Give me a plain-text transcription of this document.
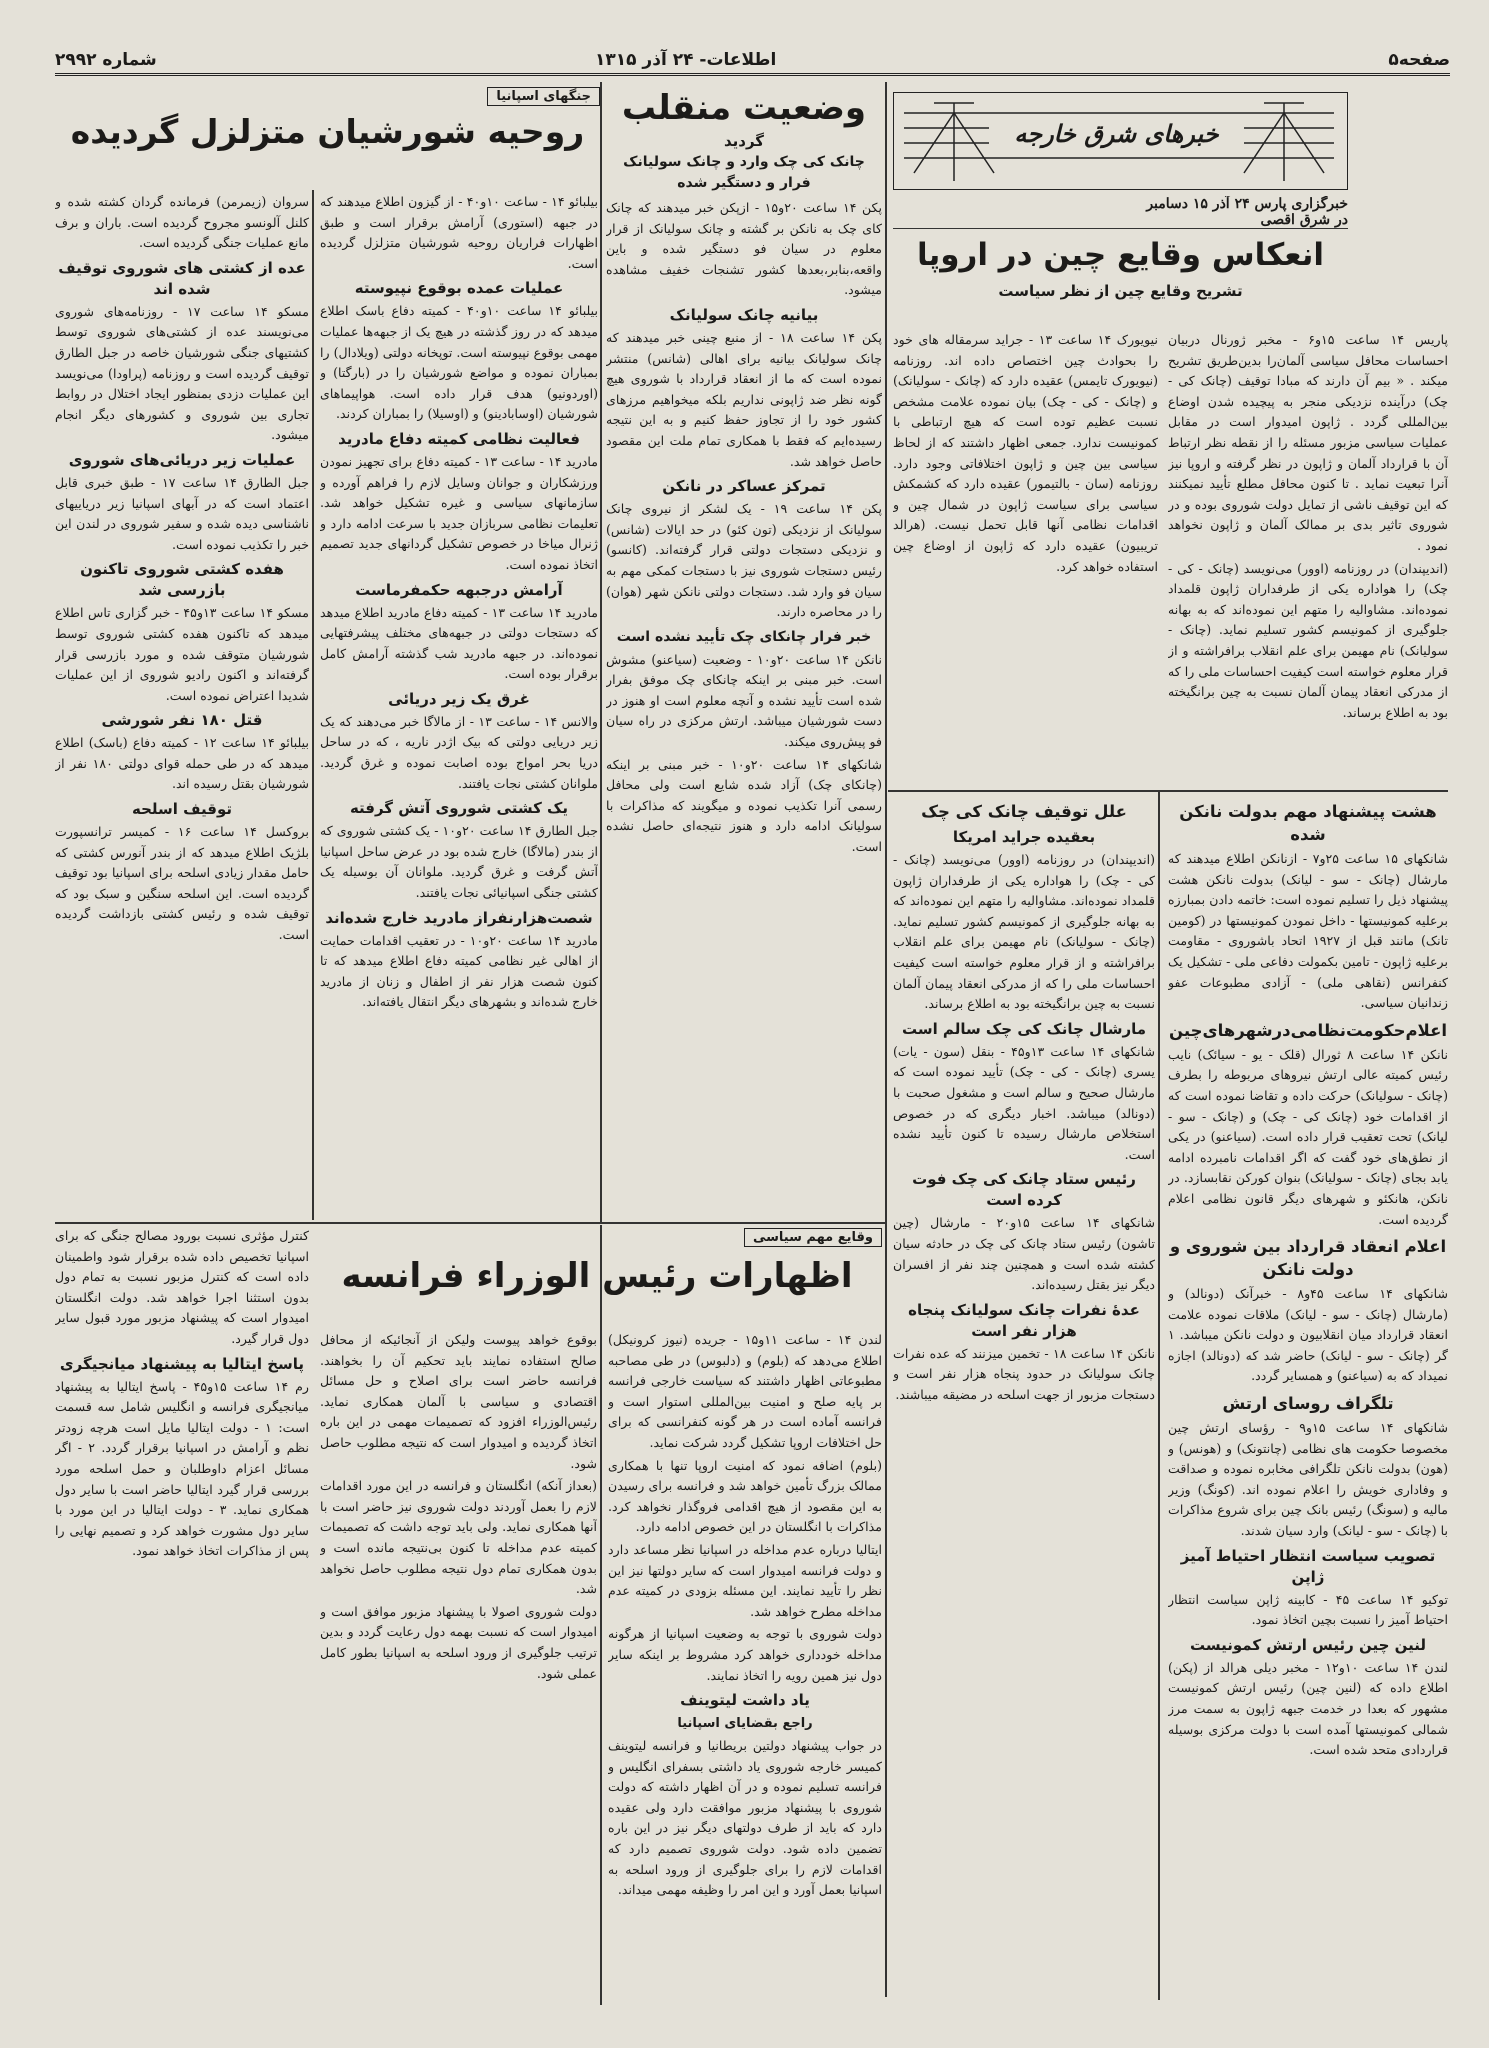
صفحه۵
اطلاعات- ۲۴ آذر ۱۳۱۵
شماره ۲۹۹۲
خبرهای شرق خارجه
خبرگزاری پارس ۲۴ آذر ۱۵ دسامبر
در شرق اقصی
انعکاس وقایع چین در اروپا
تشریح وقایع چین از نظر سیاست

پاریس ۱۴ ساعت ۱۵و۶ - مخبر ژورنال دربیان احساسات محافل سیاسی آلمان‌را بدین‌طریق تشریح میکند . « بیم آن دارند که مبادا توقیف (چانک کی - چک) درآینده نزدیکی منجر به پیچیده شدن اوضاع بین‌المللی گردد . ژاپون امیدوار است در مقابل عملیات سیاسی مزبور مسئله را از نقطه نظر ارتباط آن با قرارداد آلمان و ژاپون در نظر گرفته و اروپا نیز آنرا تبعیت نماید . تا کنون محافل مطلع تأیید نمیکنند که این توقیف ناشی از تمایل دولت شوروی بوده و در شوروی تاثیر بدی بر ممالک آلمان و ژاپون نخواهد نمود .

(اندیپندان) در روزنامه (اوور) می‌نویسد (چانک - کی - چک) را هواداره یکی از طرفداران ژاپون قلمداد نموده‌اند. مشاوالیه را متهم این نموده‌اند که به بهانه جلوگیری از کمونیسم کشور تسلیم نماید. (چانک - سولیانک) نام مهیمن برای علم انقلاب برافراشته و از قرار معلوم خواسته است کیفیت احساسات ملی را که از مدرکی انعقاد پیمان آلمان نسبت به چین برانگیخته بود به اطلاع برساند.

نیویورک ۱۴ ساعت ۱۳ - جراید سرمقاله های خود را بحوادث چین اختصاص داده اند. روزنامه (نیویورک تایمس) عقیده دارد که (چانک - سولیانک) و (چانک - کی - چک) بیان نموده علامت مشخص نسبت عظیم توده است که هیچ ارتباطی با کمونیست ندارد. جمعی اظهار داشتند که از لحاظ سیاسی بین چین و ژاپون اختلافاتی وجود دارد. روزنامه (سان - بالتیمور) عقیده دارد که کشمکش سیاسی برای سیاست ژاپون در شمال چین و اقدامات نظامی آنها قابل تحمل نیست. (هرالد تریبیون) عقیده دارد که ژاپون از اوضاع چین استفاده خواهد کرد.

هشت پیشنهاد مهم بدولت نانکن شده

شانکهای ۱۵ ساعت ۲۵و۷ - ازنانکن اطلاع میدهند که مارشال (چانک - سو - لیانک) بدولت نانکن هشت پیشنهاد ذیل را تسلیم نموده است: خاتمه دادن بمبارزه برعلیه کمونیستها - داخل نمودن کمونیستها در (کومین تانک) مانند قبل از ۱۹۲۷ اتحاد باشوروی - مقاومت برعلیه ژاپون - تامین بکمولت دفاعی ملی - تشکیل یک کنفرانس (نقاهی ملی) - آزادی مطبوعات عفو زندانیان سیاسی.

اعلام‌حکومت‌نظامی‌درشهرهای‌چین

نانکن ۱۴ ساعت ۸ ثورال (قلک - یو - سیائک) نایب رئیس کمیته عالی ارتش نیروهای مربوطه را بطرف (چانک - سولیانک) حرکت داده و تقاضا نموده است که از اقدامات خود (چانک کی - چک) و (چانک - سو - لیانک) تحت تعقیب قرار داده است. (سیاعنو) در یکی از نطق‌های خود گفت که اگر اقدامات نامبرده ادامه یابد بجای (چانک - سولیانک) بنوان کورکن نقابسازد. در نانکن، هانکئو و شهرهای دیگر قانون نظامی اعلام گردیده است.

اعلام انعقاد قرارداد بین شوروی و دولت نانکن

شانکهای ۱۴ ساعت ۴۵و۸ - خبرآنک (دونالد) و (مارشال (چانک - سو - لیانک) ملاقات نموده علامت انعقاد قرارداد میان انقلابیون و دولت نانکن میباشد. ۱ گر (چانک - سو - لیانک) حاضر شد که (دونالد) اجازه نمیداد که به (سیاعنو) و همسایر گردد.

تلگراف روسای ارتش

شانکهای ۱۴ ساعت ۱۵و۹ - رؤسای ارتش چین مخصوصا حکومت های نظامی (چانتونک) و (هونس) و (هون) بدولت نانکن تلگرافی مخابره نموده و صداقت و وفاداری خویش را اعلام نموده اند. (کونگ) وزیر مالیه و (سونگ) رئیس بانک چین برای شروع مذاکرات با (چانک - سو - لیانک) وارد سیان شدند.

تصویب سیاست انتظار احتیاط آمیز ژاپن

توکیو ۱۴ ساعت ۴۵ - کابینه ژاپن سیاست انتظار احتیاط آمیز را نسبت بچین اتخاذ نمود.

لنین چین رئیس ارتش کمونیست

لندن ۱۴ ساعت ۱۰و۱۲ - مخبر دیلی هرالد از (پکن) اطلاع داده که (لنین چین) رئیس ارتش کمونیست مشهور که بعدا در خدمت جبهه ژاپون به سمت مرز شمالی کمونیستها آمده است با دولت مرکزی بوسیله قراردادی متحد شده است.

علل توقیف چانک کی چک
بعقیده جراید امریکا

(اندیپندان) در روزنامه (اوور) می‌نویسد (چانک - کی - چک) را هواداره یکی از طرفداران ژاپون قلمداد نموده‌اند. مشاوالیه را متهم این نموده‌اند که به بهانه جلوگیری از کمونیسم کشور تسلیم نماید. (چانک - سولیانک) نام مهیمن برای علم انقلاب برافراشته و از قرار معلوم خواسته است کیفیت احساسات ملی را که از مدرکی انعقاد پیمان آلمان نسبت به چین برانگیخته بود به اطلاع برساند.

مارشال چانک کی چک سالم است

شانکهای ۱۴ ساعت ۱۳و۴۵ - بنقل (سون - یات) یسری (چانک - کی - چک) تأیید نموده است که مارشال صحیح و سالم است و مشغول صحبت با (دونالد) میباشد. اخبار دیگری که در خصوص استخلاص مارشال رسیده تا کنون تأیید نشده است.

رئیس ستاد چانک کی چک فوت کرده است

شانکهای ۱۴ ساعت ۱۵و۲۰ - مارشال (چین تاشون) رئیس ستاد چانک کی چک در حادثه سیان کشته شده است و همچنین چند نفر از افسران دیگر نیز بقتل رسیده‌اند.

عدۀ نفرات چانک سولیانک پنجاه هزار نفر است

نانکن ۱۴ ساعت ۱۸ - تخمین میزنند که عده نفرات چانک سولیانک در حدود پنجاه هزار نفر است و دستجات مزبور از جهت اسلحه در مضیقه میباشند.

وضعیت منقلب
گردید
چانک کی چک وارد و چانک سولیانک فرار و دستگیر شده

پکن ۱۴ ساعت ۲۰و۱۵ - ازپکن خبر میدهند که چانک کای چک به نانکن بر گشته و چانک سولیانک از قرار معلوم در سیان فو دستگیر شده و باین واقعه،بنابر،بعدها کشور تشنجات خفیف مشاهده میشود.

بیانیه چانک سولیانک

پکن ۱۴ ساعت ۱۸ - از منبع چینی خبر میدهند که چانک سولیانک بیانیه برای اهالی (شانس) منتشر نموده است که ما از انعقاد قرارداد با شوروی هیچ گونه نظر ضد ژاپونی نداریم بلکه میخواهیم مرزهای کشور خود را از تجاوز حفظ کنیم و به این نتیجه رسیده‌ایم که فقط با همکاری تمام ملت این مقصود حاصل خواهد شد.

تمرکز عساکر در نانکن

پکن ۱۴ ساعت ۱۹ - یک لشکر از نیروی چانک سولیانک از نزدیکی (تون کئو) در حد ایالات (شانس) و نزدیکی دستجات دولتی قرار گرفته‌اند. (کانسو) رئیس دستجات شوروی نیز با دستجات کمکی مهم به سیان فو وارد شد. دستجات دولتی نانکن شهر (هوان) را در محاصره دارند.

خبر فرار چانکای چک تأیید نشده است

نانکن ۱۴ ساعت ۲۰و۱۰ - وضعیت (سیاعنو) مشوش است. خبر مبنی بر اینکه چانکای چک موفق بفرار شده است تأیید نشده و آنچه معلوم است او هنوز در دست شورشیان میباشد. ارتش مرکزی در راه سیان فو پیش‌روی میکند.

شانکهای ۱۴ ساعت ۲۰و۱۰ - خبر مبنی بر اینکه (چانکای چک) آزاد شده شایع است ولی محافل رسمی آنرا تکذیب نموده و میگویند که مذاکرات با سولیانک ادامه دارد و هنوز نتیجه‌ای حاصل نشده است.

جنگهای اسپانیا
روحیه شورشیان متزلزل گردیده

بیلبائو ۱۴ - ساعت ۱۰و۴۰ - از گیزون اطلاع میدهند که در جبهه (استوری) آرامش برقرار است و طبق اظهارات فراریان روحیه شورشیان متزلزل گردیده است.

عملیات عمده بوقوع نپیوسته

بیلبائو ۱۴ ساعت ۱۰و۴۰ - کمیته دفاع باسک اطلاع میدهد که در روز گذشته در هیچ یک از جبهه‌ها عملیات مهمی بوقوع نپیوسته است. توپخانه دولتی (ویلادال) را بمباران نموده و مواضع شورشیان را در (بارگتا) و (اوردونیو) هدف قرار داده است. هواپیماهای شورشیان (اوسابادینو) و (اوسیلا) را بمباران کردند.

فعالیت نظامی کمیته دفاع مادرید

مادرید ۱۴ - ساعت ۱۳ - کمیته دفاع برای تجهیز نمودن ورزشکاران و جوانان وسایل لازم را فراهم آورده و سازمانهای سیاسی و غیره تشکیل خواهد شد. تعلیمات نظامی سربازان جدید با سرعت ادامه دارد و ژنرال میاخا در خصوص تشکیل گردانهای جدید تصمیم اتخاذ نموده است.

آرامش درجبهه حکمفرماست

مادرید ۱۴ ساعت ۱۳ - کمیته دفاع مادرید اطلاع میدهد که دستجات دولتی در جبهه‌های مختلف پیشرفتهایی نموده‌اند. در جبهه مادرید شب گذشته آرامش کامل برقرار بوده است.

غرق یک زیر دریائی

والانس ۱۴ - ساعت ۱۳ - از مالاگا خبر می‌دهند که یک زیر دریایی دولتی که بیک اژدر ناریه ، که در ساحل دریا بحر امواج بوده اصابت نموده و غرق گردید. ملوانان کشتی نجات یافتند.

یک کشتی شوروی آتش گرفته

جبل الطارق ۱۴ ساعت ۲۰و۱۰ - یک کشتی شوروی که از بندر (مالاگا) خارج شده بود در عرض ساحل اسپانیا آتش گرفت و غرق گردید. ملوانان آن بوسیله یک کشتی جنگی اسپانیائی نجات یافتند.

شصت‌هزار‌نفراز مادرید خارج شده‌اند

مادرید ۱۴ ساعت ۲۰و۱۰ - در تعقیب اقدامات حمایت از اهالی غیر نظامی کمیته دفاع اطلاع میدهد که تا کنون شصت هزار نفر از اطفال و زنان از مادرید خارج شده‌اند و بشهرهای دیگر انتقال یافته‌اند.

سروان (زیمرمن) فرمانده گردان کشته شده و کلنل آلونسو مجروح گردیده است. باران و برف مانع عملیات جنگی گردیده است.

عده از کشتی های شوروی توقیف شده اند

مسکو ۱۴ ساعت ۱۷ - روزنامه‌های شوروی می‌نویسند عده از کشتی‌های شوروی توسط کشتیهای جنگی شورشیان خاصه در جبل الطارق توقیف گردیده است و روزنامه (پراودا) می‌نویسد این عملیات دزدی بمنظور ایجاد اختلال در روابط تجاری بین شوروی و کشورهای دیگر انجام میشود.

عملیات زیر دریائی‌های شوروی

جبل الطارق ۱۴ ساعت ۱۷ - طبق خبری قابل اعتماد است که در آبهای اسپانیا زیر دریاییهای ناشناسی دیده شده و سفیر شوروی در لندن این خبر را تکذیب نموده است.

هفده کشتی شوروی تاکنون بازرسی شد

مسکو ۱۴ ساعت ۱۳و۴۵ - خبر گزاری تاس اطلاع میدهد که تاکنون هفده کشتی شوروی توسط شورشیان متوقف شده و مورد بازرسی قرار گرفته‌اند و اکنون رادیو شوروی از این عملیات شدیدا اعتراض نموده است.

قتل ۱۸۰ نفر شورشی

بیلبائو ۱۴ ساعت ۱۲ - کمیته دفاع (باسک) اطلاع میدهد که در طی حمله قوای دولتی ۱۸۰ نفر از شورشیان بقتل رسیده اند.

توقیف اسلحه

بروکسل ۱۴ ساعت ۱۶ - کمیسر ترانسپورت بلژیک اطلاع میدهد که از بندر آنورس کشتی که حامل مقدار زیادی اسلحه برای اسپانیا بود توقیف گردیده است. این اسلحه سنگین و سبک بود که توقیف شده و رئیس کشتی بازداشت گردیده است.

وقایع مهم سیاسی
اظهارات رئیس الوزراء فرانسه

لندن ۱۴ - ساعت ۱۱و۱۵ - جریده (نیوز کرونیکل) اطلاع می‌دهد که (بلوم) و (دلبوس) در طی مصاحبه مطبوعاتی اظهار داشتند که سیاست خارجی فرانسه بر پایه صلح و امنیت بین‌المللی استوار است و فرانسه آماده است در هر گونه کنفرانسی که برای حل اختلافات اروپا تشکیل گردد شرکت نماید.

(بلوم) اضافه نمود که امنیت اروپا تنها با همکاری ممالک بزرگ تأمین خواهد شد و فرانسه برای رسیدن به این مقصود از هیچ اقدامی فروگذار نخواهد کرد. مذاکرات با انگلستان در این خصوص ادامه دارد.

ایتالیا درباره عدم مداخله در اسپانیا نظر مساعد دارد و دولت فرانسه امیدوار است که سایر دولتها نیز این نظر را تأیید نمایند. این مسئله بزودی در کمیته عدم مداخله مطرح خواهد شد.

دولت شوروی با توجه به وضعیت اسپانیا از هرگونه مداخله خودداری خواهد کرد مشروط بر اینکه سایر دول نیز همین رویه را اتخاذ نمایند.

یاد داشت لیتوینف
راجع بقضایای اسپانیا

در جواب پیشنهاد دولتین بریطانیا و فرانسه لیتوینف کمیسر خارجه شوروی یاد داشتی بسفرای انگلیس و فرانسه تسلیم نموده و در آن اظهار داشته که دولت شوروی با پیشنهاد مزبور موافقت دارد ولی عقیده دارد که باید از طرف دولتهای دیگر نیز در این باره تضمین داده شود. دولت شوروی تصمیم دارد که اقدامات لازم را برای جلوگیری از ورود اسلحه به اسپانیا بعمل آورد و این امر را وظیفه مهمی میداند.

بوقوع خواهد پیوست ولیکن از آنجائیکه از محافل صالح استفاده نمایند باید تحکیم آن را بخواهند. فرانسه حاضر است برای اصلاح و حل مسائل اقتصادی و سیاسی با آلمان همکاری نماید. رئیس‌الوزراء افزود که تصمیمات مهمی در این باره اتخاذ گردیده و امیدوار است که نتیجه مطلوب حاصل شود.

(بعداز آنکه) انگلستان و فرانسه در این مورد اقدامات لازم را بعمل آوردند دولت شوروی نیز حاضر است با آنها همکاری نماید. ولی باید توجه داشت که تصمیمات کمیته عدم مداخله تا کنون بی‌نتیجه مانده است و بدون همکاری تمام دول نتیجه مطلوب حاصل نخواهد شد.

دولت شوروی اصولا با پیشنهاد مزبور موافق است و امیدوار است که نسبت بهمه دول رعایت گردد و بدین ترتیب جلوگیری از ورود اسلحه به اسپانیا بطور کامل عملی شود.

کنترل مؤثری نسبت بورود مصالح جنگی که برای اسپانیا تخصیص داده شده برقرار شود واطمینان داده است که کنترل مزبور نسبت به تمام دول بدون استثنا اجرا خواهد شد. دولت انگلستان امیدوار است که پیشنهاد مزبور مورد قبول سایر دول قرار گیرد.

پاسخ ایتالیا به پیشنهاد میانجیگری

رم ۱۴ ساعت ۱۵و۴۵ - پاسخ ایتالیا به پیشنهاد میانجیگری فرانسه و انگلیس شامل سه قسمت است: ۱ - دولت ایتالیا مایل است هرچه زودتر نظم و آرامش در اسپانیا برقرار گردد. ۲ - اگر مسائل اعزام داوطلبان و حمل اسلحه مورد بررسی قرار گیرد ایتالیا حاضر است با سایر دول همکاری نماید. ۳ - دولت ایتالیا در این مورد با سایر دول مشورت خواهد کرد و تصمیم نهایی را پس از مذاکرات اتخاذ خواهد نمود.
